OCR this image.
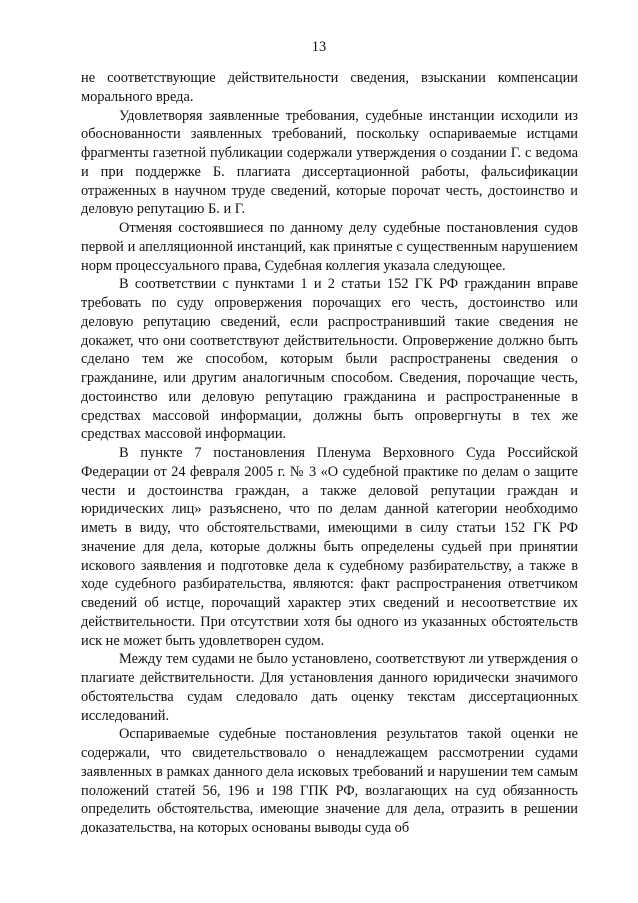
13

не соответствующие действительности сведения, взыскании компенсации морального вреда.

Удовлетворяя заявленные требования, судебные инстанции исходили из обоснованности заявленных требований, поскольку оспариваемые истцами фрагменты газетной публикации содержали утверждения о создании Г. с ведома и при поддержке Б. плагиата диссертационной работы, фальсификации отраженных в научном труде сведений, которые порочат честь, достоинство и деловую репутацию Б. и Г.

Отменяя состоявшиеся по данному делу судебные постановления судов первой и апелляционной инстанций, как принятые с существенным нарушением норм процессуального права, Судебная коллегия указала следующее.

В соответствии с пунктами 1 и 2 статьи 152 ГК РФ гражданин вправе требовать по суду опровержения порочащих его честь, достоинство или деловую репутацию сведений, если распространивший такие сведения не докажет, что они соответствуют действительности. Опровержение должно быть сделано тем же способом, которым были распространены сведения о гражданине, или другим аналогичным способом. Сведения, порочащие честь, достоинство или деловую репутацию гражданина и распространенные в средствах массовой информации, должны быть опровергнуты в тех же средствах массовой информации.

В пункте 7 постановления Пленума Верховного Суда Российской Федерации от 24 февраля 2005 г. № 3 «О судебной практике по делам о защите чести и достоинства граждан, а также деловой репутации граждан и юридических лиц» разъяснено, что по делам данной категории необходимо иметь в виду, что обстоятельствами, имеющими в силу статьи 152 ГК РФ значение для дела, которые должны быть определены судьей при принятии искового заявления и подготовке дела к судебному разбирательству, а также в ходе судебного разбирательства, являются: факт распространения ответчиком сведений об истце, порочащий характер этих сведений и несоответствие их действительности. При отсутствии хотя бы одного из указанных обстоятельств иск не может быть удовлетворен судом.

Между тем судами не было установлено, соответствуют ли утверждения о плагиате действительности. Для установления данного юридически значимого обстоятельства судам следовало дать оценку текстам диссертационных исследований.

Оспариваемые судебные постановления результатов такой оценки не содержали, что свидетельствовало о ненадлежащем рассмотрении судами заявленных в рамках данного дела исковых требований и нарушении тем самым положений статей 56, 196 и 198 ГПК РФ, возлагающих на суд обязанность определить обстоятельства, имеющие значение для дела, отразить в решении доказательства, на которых основаны выводы суда об
